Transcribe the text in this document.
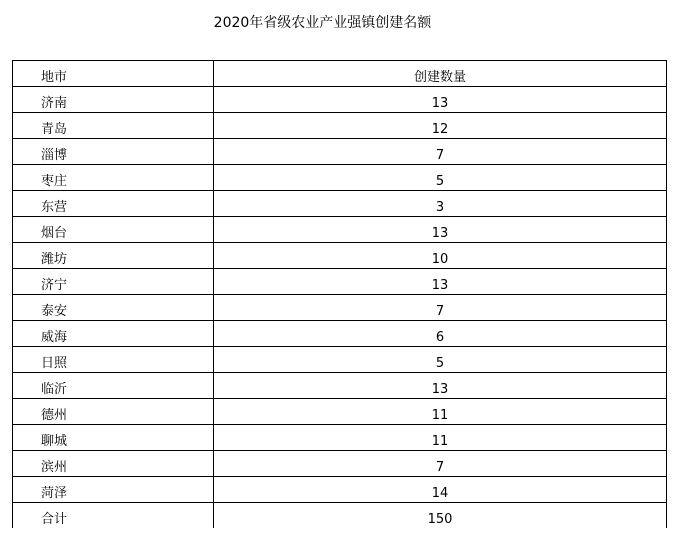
2020年省级农业产业强镇创建名额
地市	创建数量
济南	13
青岛	12
淄博	7
枣庄	5
东营	3
烟台	13
潍坊	10
济宁	13
泰安	7
威海	6
日照	5
临沂	13
德州	11
聊城	11
滨州	7
菏泽	14
合计	150
